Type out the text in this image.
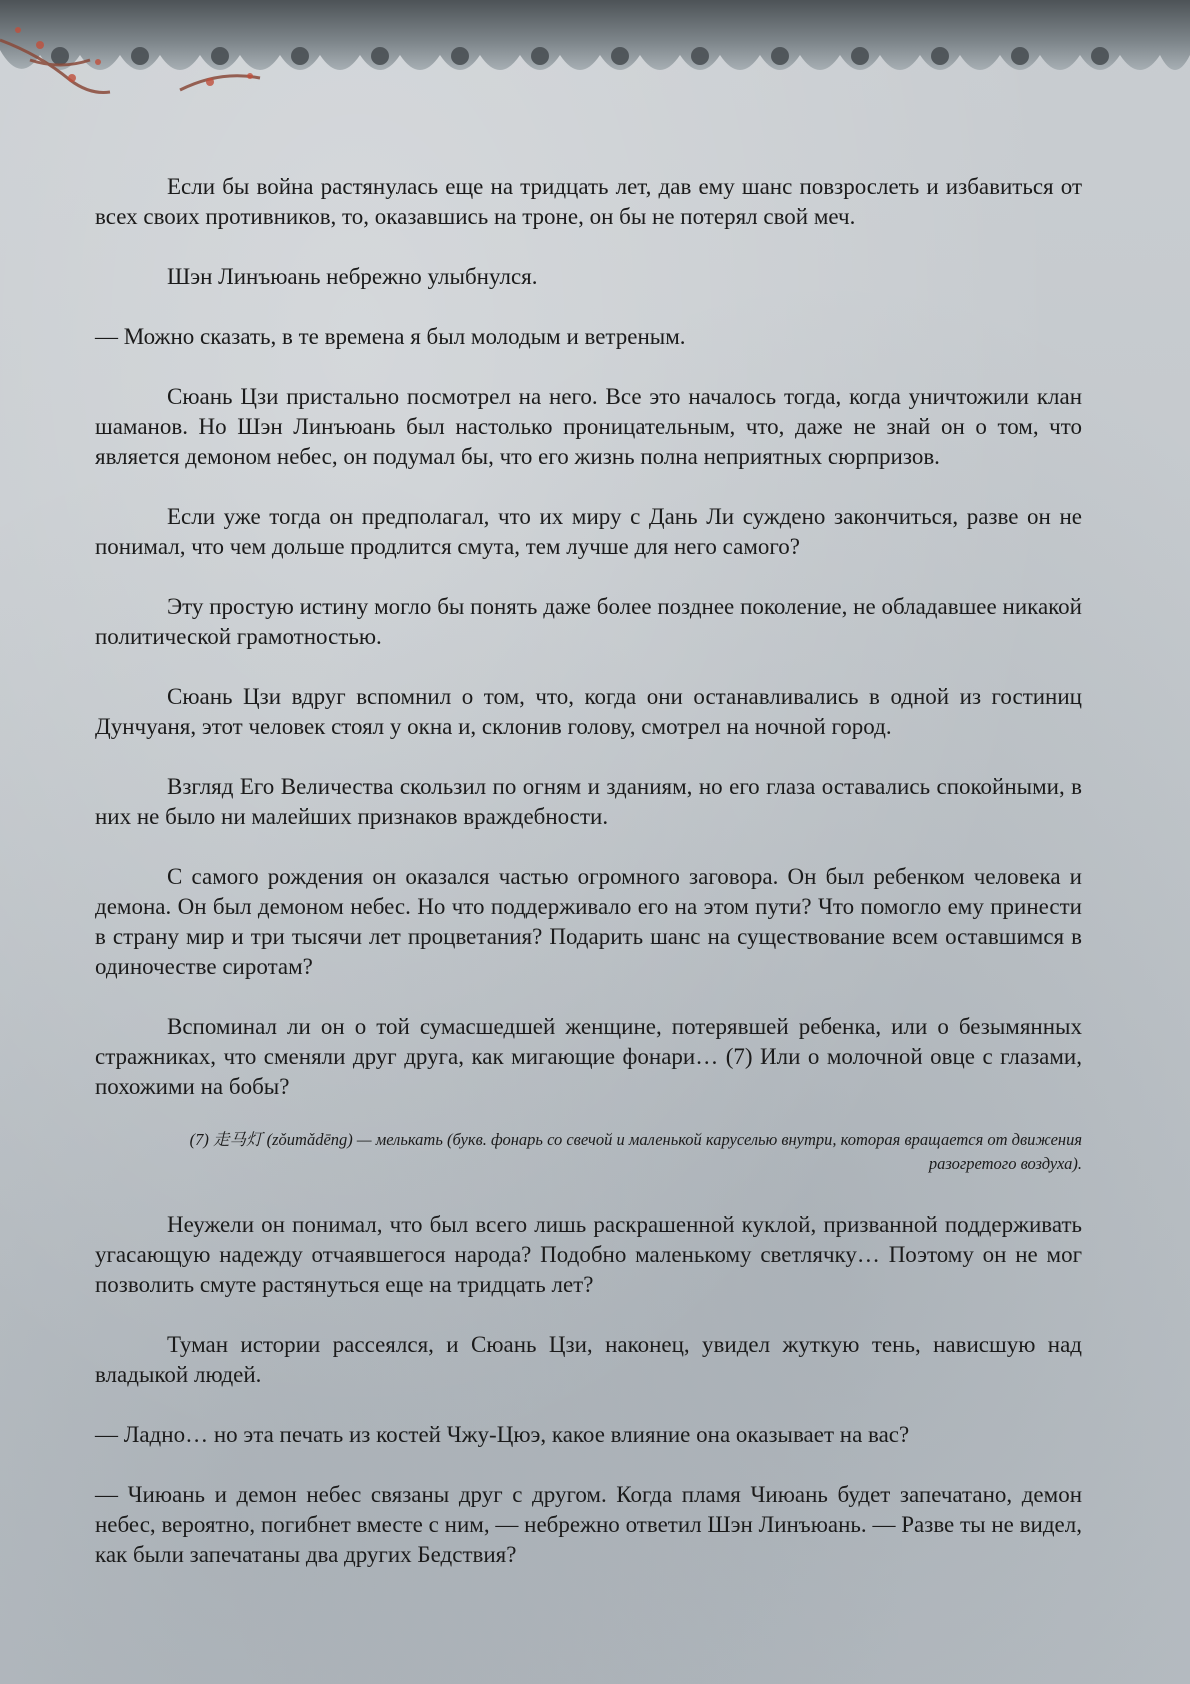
Если бы война растянулась еще на тридцать лет, дав ему шанс повзрослеть и избавиться от всех своих противников, то, оказавшись на троне, он бы не потерял свой меч.

Шэн Линъюань небрежно улыбнулся.

— Можно сказать, в те времена я был молодым и ветреным.

Сюань Цзи пристально посмотрел на него. Все это началось тогда, когда уничтожили клан шаманов. Но Шэн Линъюань был настолько проницательным, что, даже не знай он о том, что является демоном небес, он подумал бы, что его жизнь полна неприятных сюрпризов.

Если уже тогда он предполагал, что их миру с Дань Ли суждено закончиться, разве он не понимал, что чем дольше продлится смута, тем лучше для него самого?

Эту простую истину могло бы понять даже более позднее поколение, не обладавшее никакой политической грамотностью.

Сюань Цзи вдруг вспомнил о том, что, когда они останавливались в одной из гостиниц Дунчуаня, этот человек стоял у окна и, склонив голову, смотрел на ночной город.

Взгляд Его Величества скользил по огням и зданиям, но его глаза оставались спокойными, в них не было ни малейших признаков враждебности.

С самого рождения он оказался частью огромного заговора. Он был ребенком человека и демона. Он был демоном небес. Но что поддерживало его на этом пути? Что помогло ему принести в страну мир и три тысячи лет процветания? Подарить шанс на существование всем оставшимся в одиночестве сиротам?

Вспоминал ли он о той сумасшедшей женщине, потерявшей ребенка, или о безымянных стражниках, что сменяли друг друга, как мигающие фонари… (7) Или о молочной овце с глазами, похожими на бобы?

(7) 走马灯 (zǒumǎdēng) — мелькать (букв. фонарь со свечой и маленькой каруселью внутри, которая вращается от движения разогретого воздуха).

Неужели он понимал, что был всего лишь раскрашенной куклой, призванной поддерживать угасающую надежду отчаявшегося народа? Подобно маленькому светлячку… Поэтому он не мог позволить смуте растянуться еще на тридцать лет?

Туман истории рассеялся, и Сюань Цзи, наконец, увидел жуткую тень, нависшую над владыкой людей.

— Ладно… но эта печать из костей Чжу-Цюэ, какое влияние она оказывает на вас?

— Чиюань и демон небес связаны друг с другом. Когда пламя Чиюань будет запечатано, демон небес, вероятно, погибнет вместе с ним, — небрежно ответил Шэн Линъюань. — Разве ты не видел, как были запечатаны два других Бедствия?
